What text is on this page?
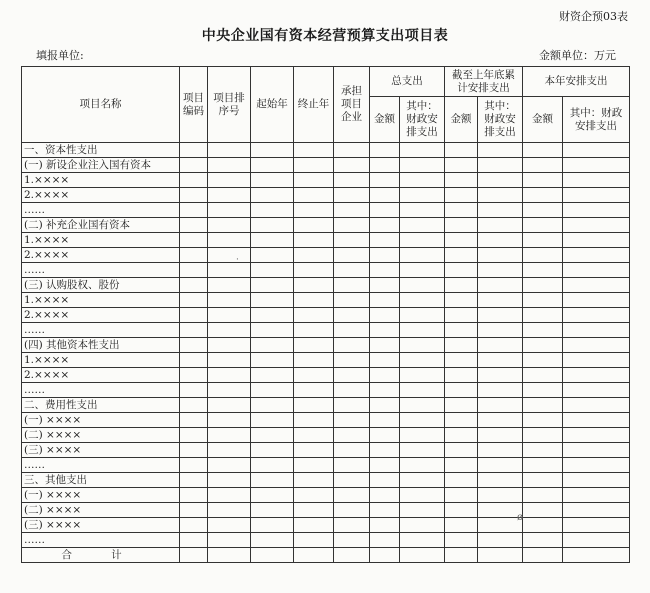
财资企预03表
中央企业国有资本经营预算支出项目表
填报单位:	金额单位：万元
项目名称	项目编码	项目排序号	起始年	终止年	承担项目企业	总支出		截至上年底累计安排支出		本年安排支出	
						金额	其中：财政安排支出	金额	其中：财政安排支出	金额	其中：财政安排支出
一、资本性支出											
(一) 新设企业注入国有资本											
1.××××											
2.××××											
……											
(二) 补充企业国有资本											
1.××××											
2.××××											
……											
(三) 认购股权、股份											
1.××××											
2.××××											
……											
(四) 其他资本性支出											
1.××××											
2.××××											
……											
二、费用性支出											
(一) ××××											
(二) ××××											
(三) ××××											
……											
三、其他支出											
(一) ××××											
(二) ××××											
(三) ××××											
……											
合 计											
·
ø
